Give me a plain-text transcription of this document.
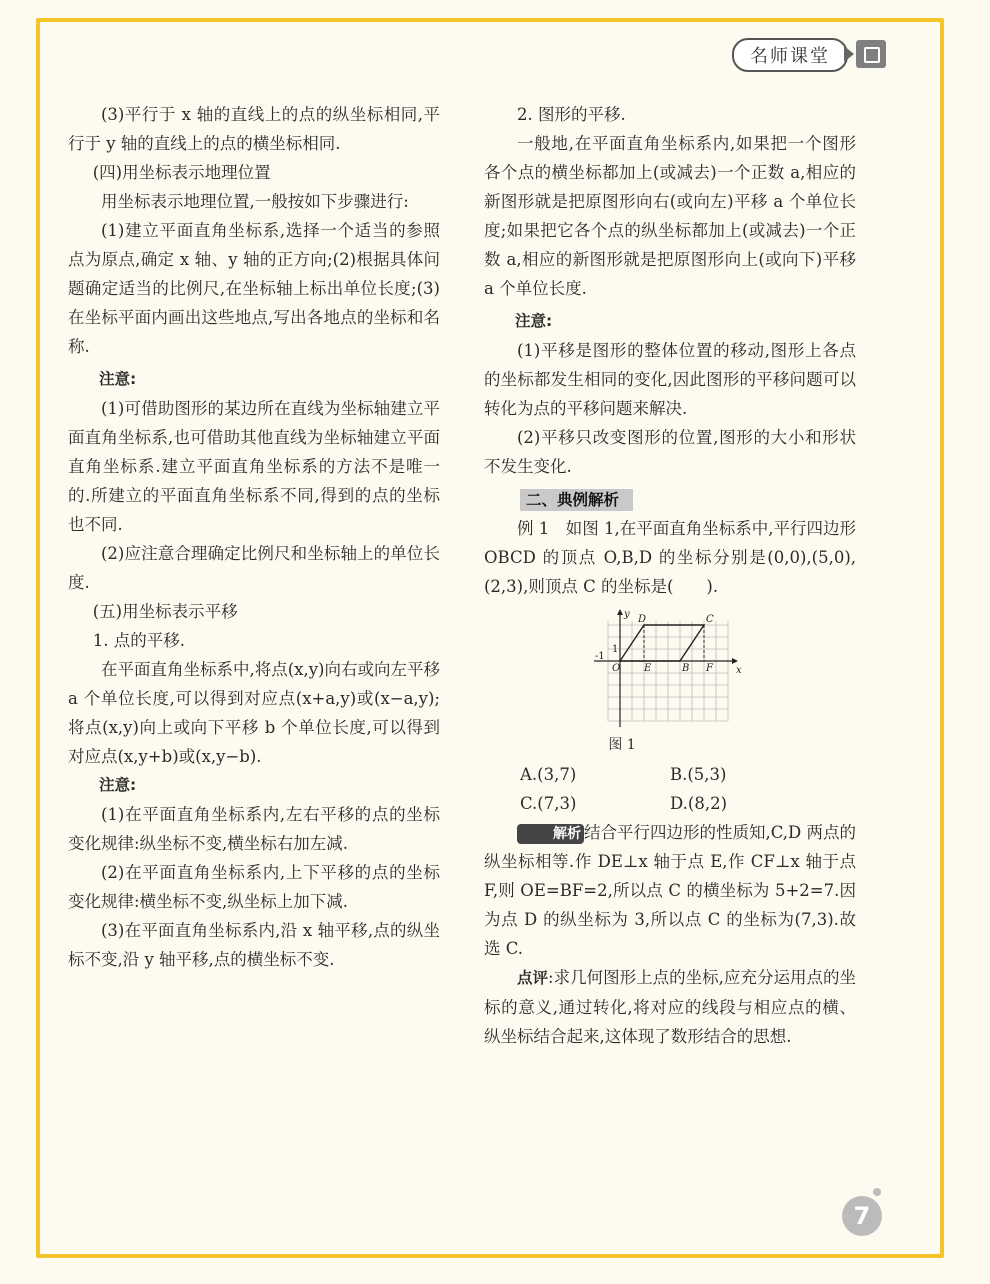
名师课堂

(3)平行于 x 轴的直线上的点的纵坐标相同,平行于 y 轴的直线上的点的横坐标相同.

(四)用坐标表示地理位置

用坐标表示地理位置,一般按如下步骤进行:

(1)建立平面直角坐标系,选择一个适当的参照点为原点,确定 x 轴、y 轴的正方向;(2)根据具体问题确定适当的比例尺,在坐标轴上标出单位长度;(3)在坐标平面内画出这些地点,写出各地点的坐标和名称.

注意:

(1)可借助图形的某边所在直线为坐标轴建立平面直角坐标系,也可借助其他直线为坐标轴建立平面直角坐标系.建立平面直角坐标系的方法不是唯一的.所建立的平面直角坐标系不同,得到的点的坐标也不同.

(2)应注意合理确定比例尺和坐标轴上的单位长度.

(五)用坐标表示平移

1. 点的平移.

在平面直角坐标系中,将点(x,y)向右或向左平移 a 个单位长度,可以得到对应点(x+a,y)或(x−a,y);将点(x,y)向上或向下平移 b 个单位长度,可以得到对应点(x,y+b)或(x,y−b).

注意:

(1)在平面直角坐标系内,左右平移的点的坐标变化规律:纵坐标不变,横坐标右加左减.

(2)在平面直角坐标系内,上下平移的点的坐标变化规律:横坐标不变,纵坐标上加下减.

(3)在平面直角坐标系内,沿 x 轴平移,点的纵坐标不变,沿 y 轴平移,点的横坐标不变.

2. 图形的平移.

一般地,在平面直角坐标系内,如果把一个图形各个点的横坐标都加上(或减去)一个正数 a,相应的新图形就是把原图形向右(或向左)平移 a 个单位长度;如果把它各个点的纵坐标都加上(或减去)一个正数 a,相应的新图形就是把原图形向上(或向下)平移 a 个单位长度.

注意:

(1)平移是图形的整体位置的移动,图形上各点的坐标都发生相同的变化,因此图形的平移问题可以转化为点的平移问题来解决.

(2)平移只改变图形的位置,图形的大小和形状不发生变化.

二、典例解析

例 1　如图 1,在平面直角坐标系中,平行四边形 OBCD 的顶点 O,B,D 的坐标分别是(0,0),(5,0),(2,3),则顶点 C 的坐标是(　　).

y
x
O
D	C
E	B F
1
-1

图 1

A.(3,7)	B.(5,3)
C.(7,3)	D.(8,2)

解析 结合平行四边形的性质知,C,D 两点的纵坐标相等.作 DE⊥x 轴于点 E,作 CF⊥x 轴于点 F,则 OE=BF=2,所以点 C 的横坐标为 5+2=7.因为点 D 的纵坐标为 3,所以点 C 的坐标为(7,3).故选 C.

点评:求几何图形上点的坐标,应充分运用点的坐标的意义,通过转化,将对应的线段与相应点的横、纵坐标结合起来,这体现了数形结合的思想.

7
